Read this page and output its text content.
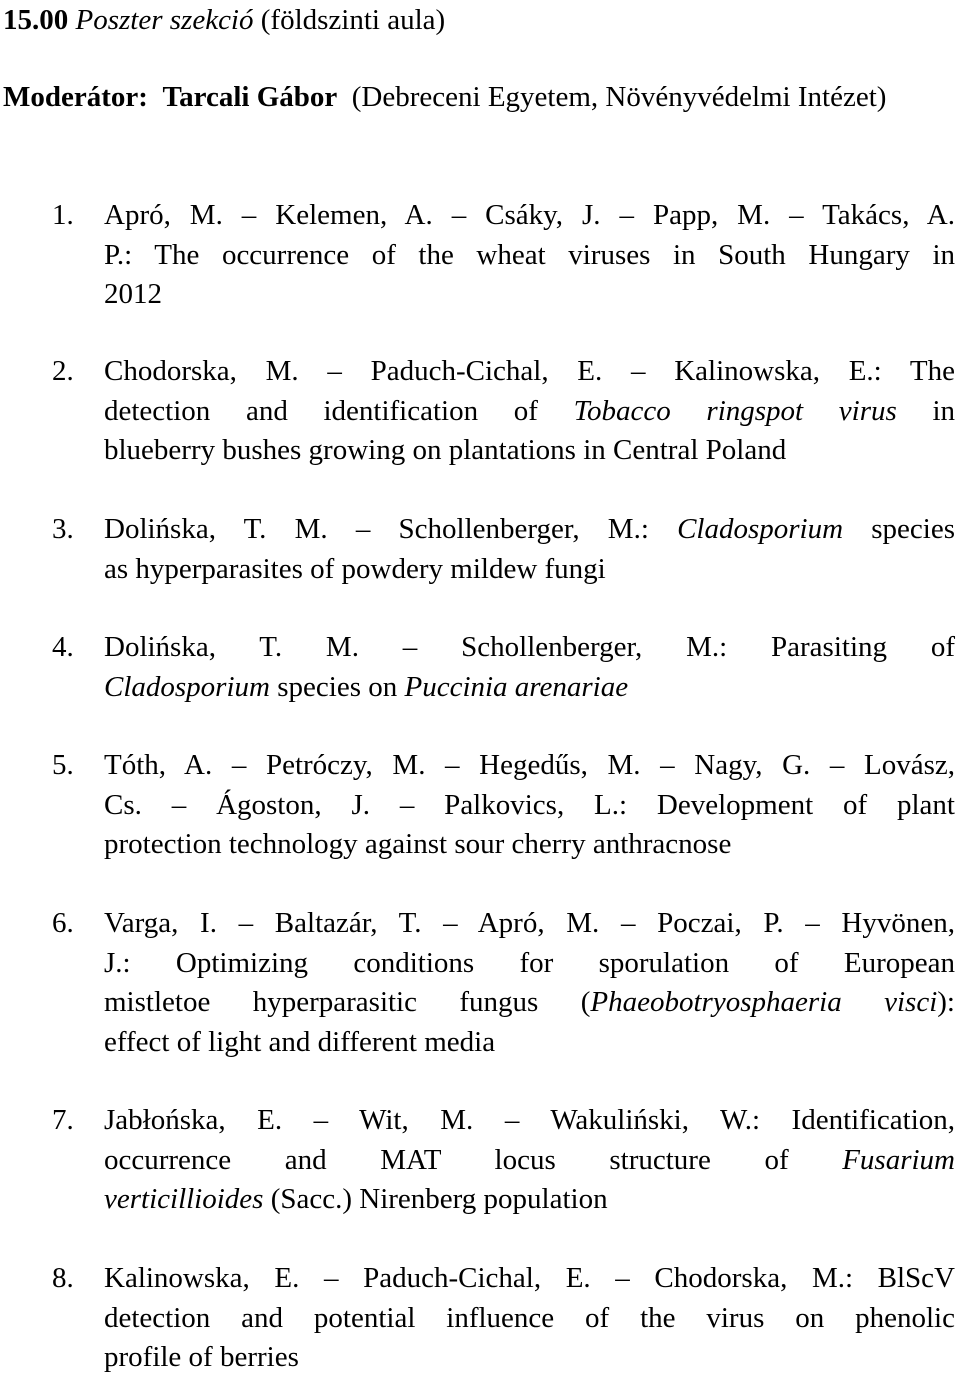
15.00 Poszter szekció (földszinti aula)

Moderátor: Tarcali Gábor (Debreceni Egyetem, Növényvédelmi Intézet)

1. Apró, M. – Kelemen, A. – Csáky, J. – Papp, M. – Takács, A.
P.: The occurrence of the wheat viruses in South Hungary in
2012
2. Chodorska, M. – Paduch-Cichal, E. – Kalinowska, E.: The
detection and identification of Tobacco ringspot virus in
blueberry bushes growing on plantations in Central Poland
3. Dolińska, T. M. – Schollenberger, M.: Cladosporium species
as hyperparasites of powdery mildew fungi
4. Dolińska, T. M. – Schollenberger, M.: Parasiting of
Cladosporium species on Puccinia arenariae
5. Tóth, A. – Petróczy, M. – Hegedűs, M. – Nagy, G. – Lovász,
Cs. – Ágoston, J. – Palkovics, L.: Development of plant
protection technology against sour cherry anthracnose
6. Varga, I. – Baltazár, T. – Apró, M. – Poczai, P. – Hyvönen,
J.: Optimizing conditions for sporulation of European
mistletoe hyperparasitic fungus (Phaeobotryosphaeria visci):
effect of light and different media
7. Jabłońska, E. – Wit, M. – Wakuliński, W.: Identification,
occurrence and MAT locus structure of Fusarium
verticillioides (Sacc.) Nirenberg population
8. Kalinowska, E. – Paduch-Cichal, E. – Chodorska, M.: BlScV
detection and potential influence of the virus on phenolic
profile of berries
